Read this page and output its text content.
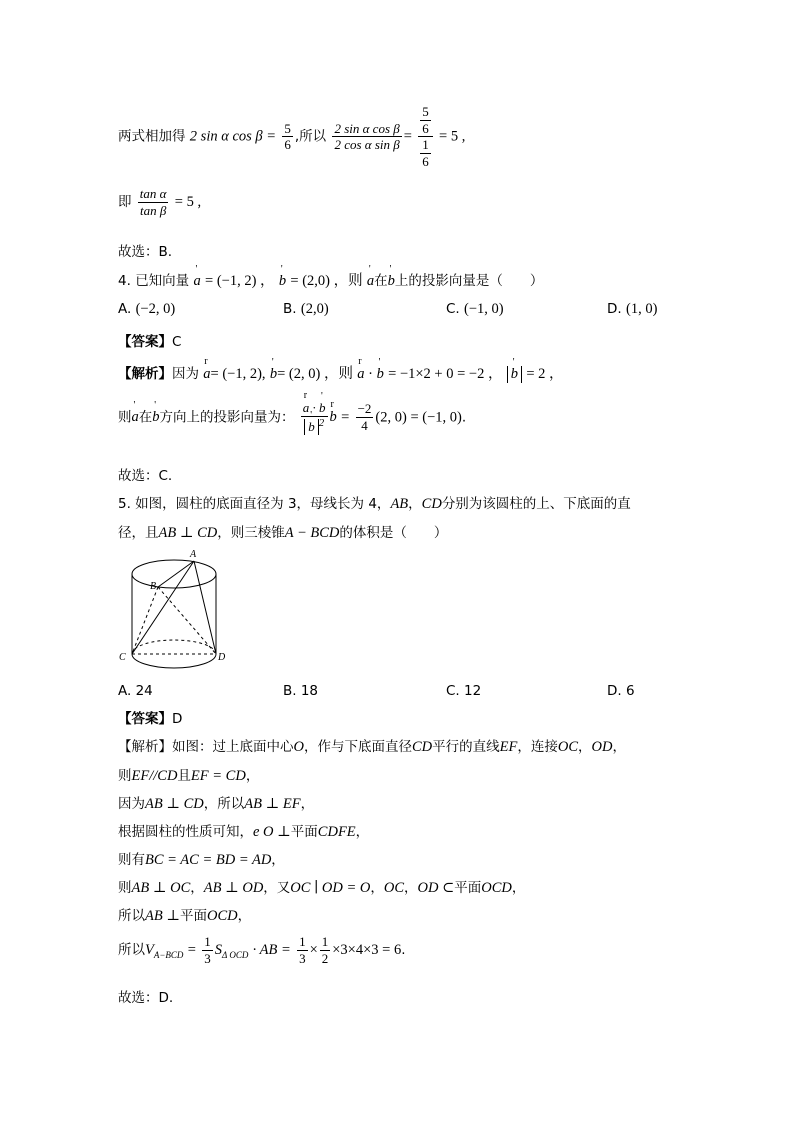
两式相加得 2 sin α $\cos \beta = \frac{5}{6}$ ,所以 $\frac{\text{2 sin α cos β}}{\text{2 cos α sin β}} = \frac{\frac{5}{6}}{\frac{1}{6}} = 5$ ,
即 $\frac{\text{tan α}}{\text{tan β}} = 5$ ,
故选：B.
4. 已知向量 ' a = (−1, 2) ， ' b = (2,0) ，则 ' a在' b上的投影向量是（　　）
A. (−2, 0)	B. (2,0)	C. (−1, 0)	D. (1, 0)
【答案】C
【解析】因为 r a= (−1, 2), ' b= (2, 0) ，则 r a · ' b = −1×2 + 0 = −2 ， ' b = 2 ，
则' a在' b方向上的投影向量为： r a · ' b
' b $^2$ r $b = \frac{-2}{4} (2$, 0) = (−1, 0).
故选：C.
5. 如图，圆柱的底面直径为 3，母线长为 4，AB，CD分别为该圆柱的上、下底面的直
径，且AB ⊥ CD，则三棱锥A − BCD的体积是（　　）
A
B
C	D
A. 24	B. 18	C. 12	D. 6
【答案】D
【解析】如图：过上底面中心O，作与下底面直径CD平行的直线EF，连接OC，OD，
则EF//CD且EF = CD，
因为AB ⊥ CD，所以AB ⊥ EF，
根据圆柱的性质可知，e O ⊥平面CDFE，
则有BC = AC = BD = AD，
则AB ⊥ OC，AB ⊥ OD，又OC ∣ OD = O，OC，OD ⊂平面OCD，
所以AB ⊥平面OCD，
所以$V_{A-BCD} = \frac{1}{3} S_{\Delta OCD}$ · AB = $\frac{1}{3} \times \frac{1}{2} \times 3\times 4\times 3 = 6$.
故选：D.
